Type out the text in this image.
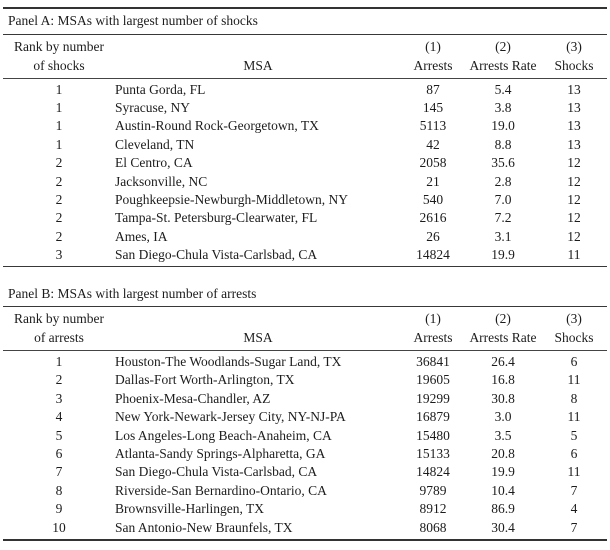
Panel A: MSAs with largest number of shocks				
Rank by number		(1)	(2)	(3)
of shocks	MSA	Arrests	Arrests Rate	Shocks
1	Punta Gorda, FL	87	5.4	13
1	Syracuse, NY	145	3.8	13
1	Austin-Round Rock-Georgetown, TX	5113	19.0	13
1	Cleveland, TN	42	8.8	13
2	El Centro, CA	2058	35.6	12
2	Jacksonville, NC	21	2.8	12
2	Poughkeepsie-Newburgh-Middletown, NY	540	7.0	12
2	Tampa-St. Petersburg-Clearwater, FL	2616	7.2	12
2	Ames, IA	26	3.1	12
3	San Diego-Chula Vista-Carlsbad, CA	14824	19.9	11
Panel B: MSAs with largest number of arrests				
Rank by number		(1)	(2)	(3)
of arrests	MSA	Arrests	Arrests Rate	Shocks
1	Houston-The Woodlands-Sugar Land, TX	36841	26.4	6
2	Dallas-Fort Worth-Arlington, TX	19605	16.8	11
3	Phoenix-Mesa-Chandler, AZ	19299	30.8	8
4	New York-Newark-Jersey City, NY-NJ-PA	16879	3.0	11
5	Los Angeles-Long Beach-Anaheim, CA	15480	3.5	5
6	Atlanta-Sandy Springs-Alpharetta, GA	15133	20.8	6
7	San Diego-Chula Vista-Carlsbad, CA	14824	19.9	11
8	Riverside-San Bernardino-Ontario, CA	9789	10.4	7
9	Brownsville-Harlingen, TX	8912	86.9	4
10	San Antonio-New Braunfels, TX	8068	30.4	7
